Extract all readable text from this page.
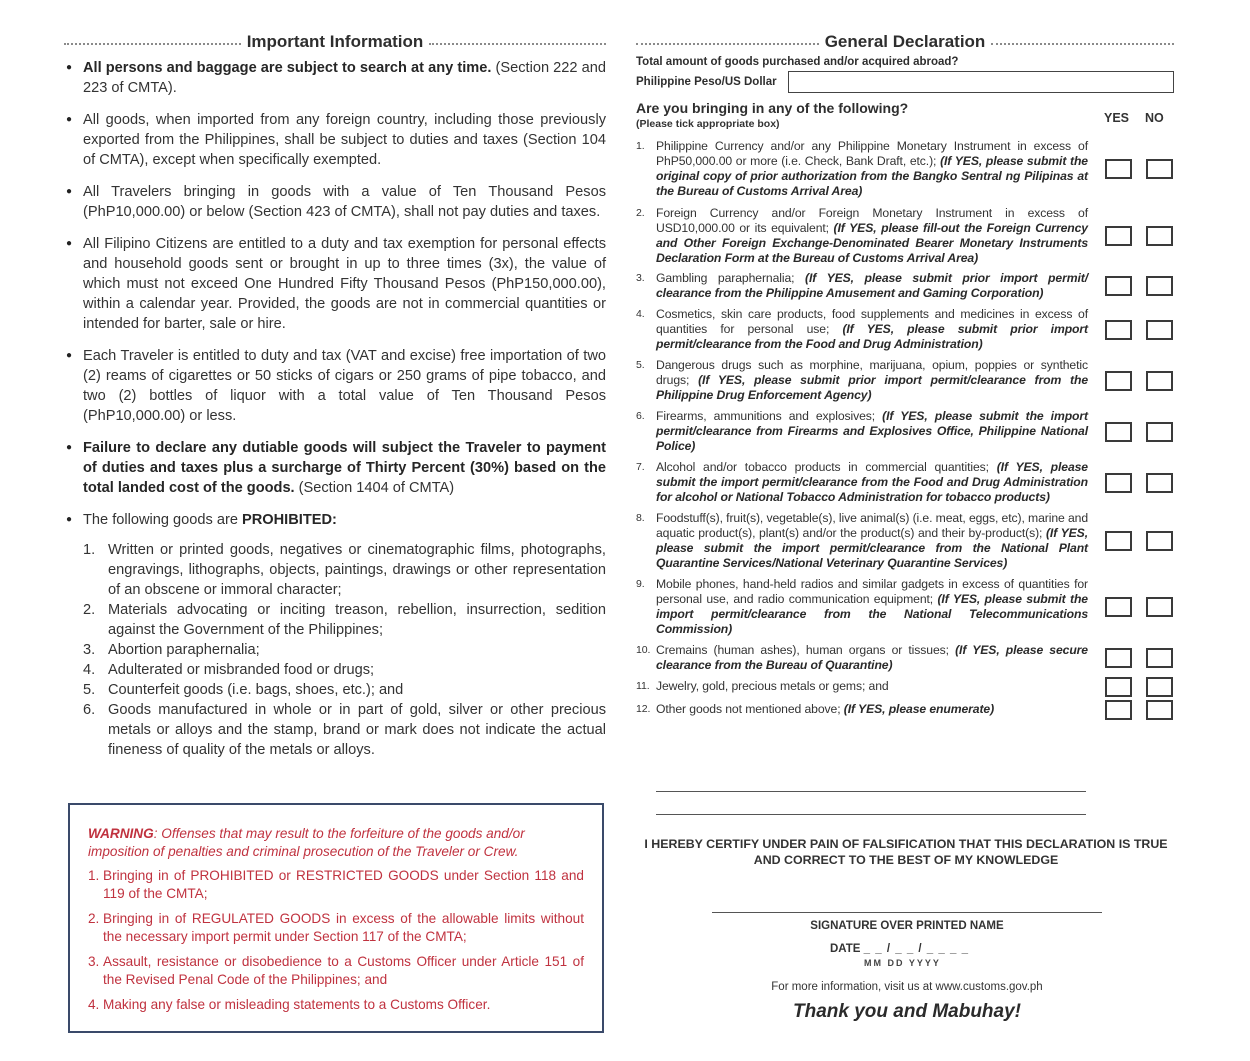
Important Information
● All persons and baggage are subject to search at any time. (Section 222 and 223 of CMTA).
● All goods, when imported from any foreign country, including those previously exported from the Philippines, shall be subject to duties and taxes (Section 104 of CMTA), except when specifically exempted.
● All Travelers bringing in goods with a value of Ten Thousand Pesos (PhP10,000.00) or below (Section 423 of CMTA), shall not pay duties and taxes.
● All Filipino Citizens are entitled to a duty and tax exemption for personal effects and household goods sent or brought in up to three times (3x), the value of which must not exceed One Hundred Fifty Thousand Pesos (PhP150,000.00), within a calendar year. Provided, the goods are not in commercial quantities or intended for barter, sale or hire.
● Each Traveler is entitled to duty and tax (VAT and excise) free importation of two (2) reams of cigarettes or 50 sticks of cigars or 250 grams of pipe tobacco, and two (2) bottles of liquor with a total value of Ten Thousand Pesos (PhP10,000.00) or less.
● Failure to declare any dutiable goods will subject the Traveler to payment of duties and taxes plus a surcharge of Thirty Percent (30%) based on the total landed cost of the goods. (Section 1404 of CMTA)
● The following goods are PROHIBITED:
1. Written or printed goods, negatives or cinematographic films, photographs, engravings, lithographs, objects, paintings, drawings or other representation of an obscene or immoral character;
2. Materials advocating or inciting treason, rebellion, insurrection, sedition against the Government of the Philippines;
3. Abortion paraphernalia;
4. Adulterated or misbranded food or drugs;
5. Counterfeit goods (i.e. bags, shoes, etc.); and
6. Goods manufactured in whole or in part of gold, silver or other precious metals or alloys and the stamp, brand or mark does not indicate the actual fineness of quality of the metals or alloys.
WARNING: Offenses that may result to the forfeiture of the goods and/or imposition of penalties and criminal prosecution of the Traveler or Crew.
1. Bringing in of PROHIBITED or RESTRICTED GOODS under Section 118 and 119 of the CMTA;
2. Bringing in of REGULATED GOODS in excess of the allowable limits without the necessary import permit under Section 117 of the CMTA;
3. Assault, resistance or disobedience to a Customs Officer under Article 151 of the Revised Penal Code of the Philippines; and
4. Making any false or misleading statements to a Customs Officer.
General Declaration
Total amount of goods purchased and/or acquired abroad?
Philippine Peso/US Dollar
Are you bringing in any of the following?
(Please tick appropriate box)	YES NO
1. Philippine Currency and/or any Philippine Monetary Instrument in excess of PhP50,000.00 or more (i.e. Check, Bank Draft, etc.); (If YES, please submit the original copy of prior authorization from the Bangko Sentral ng Pilipinas at the Bureau of Customs Arrival Area)
2. Foreign Currency and/or Foreign Monetary Instrument in excess of USD10,000.00 or its equivalent; (If YES, please fill-out the Foreign Currency and Other Foreign Exchange-Denominated Bearer Monetary Instruments Declaration Form at the Bureau of Customs Arrival Area)
3. Gambling paraphernalia; (If YES, please submit prior import permit/ clearance from the Philippine Amusement and Gaming Corporation)
4. Cosmetics, skin care products, food supplements and medicines in excess of quantities for personal use; (If YES, please submit prior import permit/clearance from the Food and Drug Administration)
5. Dangerous drugs such as morphine, marijuana, opium, poppies or synthetic drugs; (If YES, please submit prior import permit/clearance from the Philippine Drug Enforcement Agency)
6. Firearms, ammunitions and explosives; (If YES, please submit the import permit/clearance from Firearms and Explosives Office, Philippine National Police)
7. Alcohol and/or tobacco products in commercial quantities; (If YES, please submit the import permit/clearance from the Food and Drug Administration for alcohol or National Tobacco Administration for tobacco products)
8. Foodstuff(s), fruit(s), vegetable(s), live animal(s) (i.e. meat, eggs, etc), marine and aquatic product(s), plant(s) and/or the product(s) and their by-product(s); (If YES, please submit the import permit/clearance from the National Plant Quarantine Services/National Veterinary Quarantine Services)
9. Mobile phones, hand-held radios and similar gadgets in excess of quantities for personal use, and radio communication equipment; (If YES, please submit the import permit/clearance from the National Telecommunications Commission)
10. Cremains (human ashes), human organs or tissues; (If YES, please secure clearance from the Bureau of Quarantine)
11. Jewelry, gold, precious metals or gems; and
12. Other goods not mentioned above; (If YES, please enumerate)
I HEREBY CERTIFY UNDER PAIN OF FALSIFICATION THAT THIS DECLARATION IS TRUE AND CORRECT TO THE BEST OF MY KNOWLEDGE
SIGNATURE OVER PRINTED NAME
DATE _ _ / _ _ / _ _ _ _
MM DD YYYY
For more information, visit us at www.customs.gov.ph
Thank you and Mabuhay!
